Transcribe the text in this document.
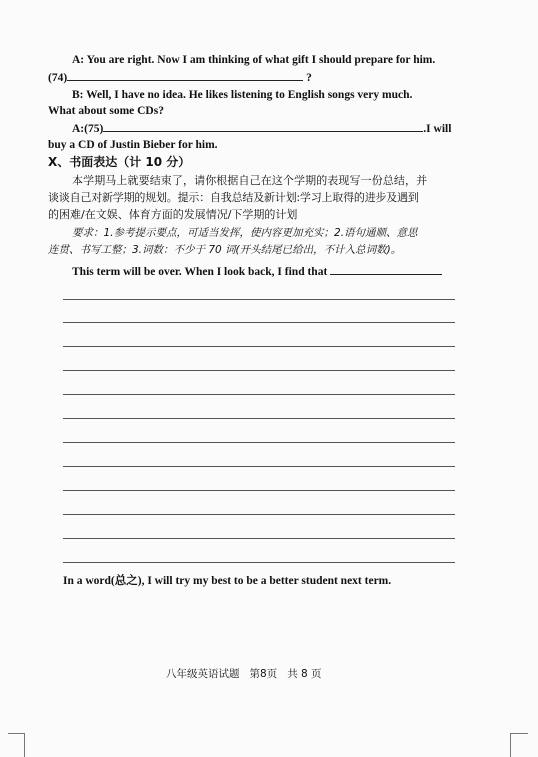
A: You are right. Now I am thinking of what gift I should prepare for him.
(74)	?
B: Well, I have no idea. He likes listening to English songs very much.
What about some CDs?
A:(75)	.I will
buy a CD of Justin Bieber for him.
X、书面表达（计 10 分）
本学期马上就要结束了，请你根据自己在这个学期的表现写一份总结，并
谈谈自己对新学期的规划。提示：自我总结及新计划:学习上取得的进步及遇到
的困难/在文娱、体育方面的发展情况/下学期的计划
要求：1.参考提示要点，可适当发挥，使内容更加充实；2.语句通顺、意思
连贯、书写工整；3.词数：不少于 70 词(开头结尾已给出，不计入总词数)。
This term will be over. When I look back, I find that
In a word(总之), I will try my best to be a better student next term.
八年级英语试题   第8页   共 8 页
